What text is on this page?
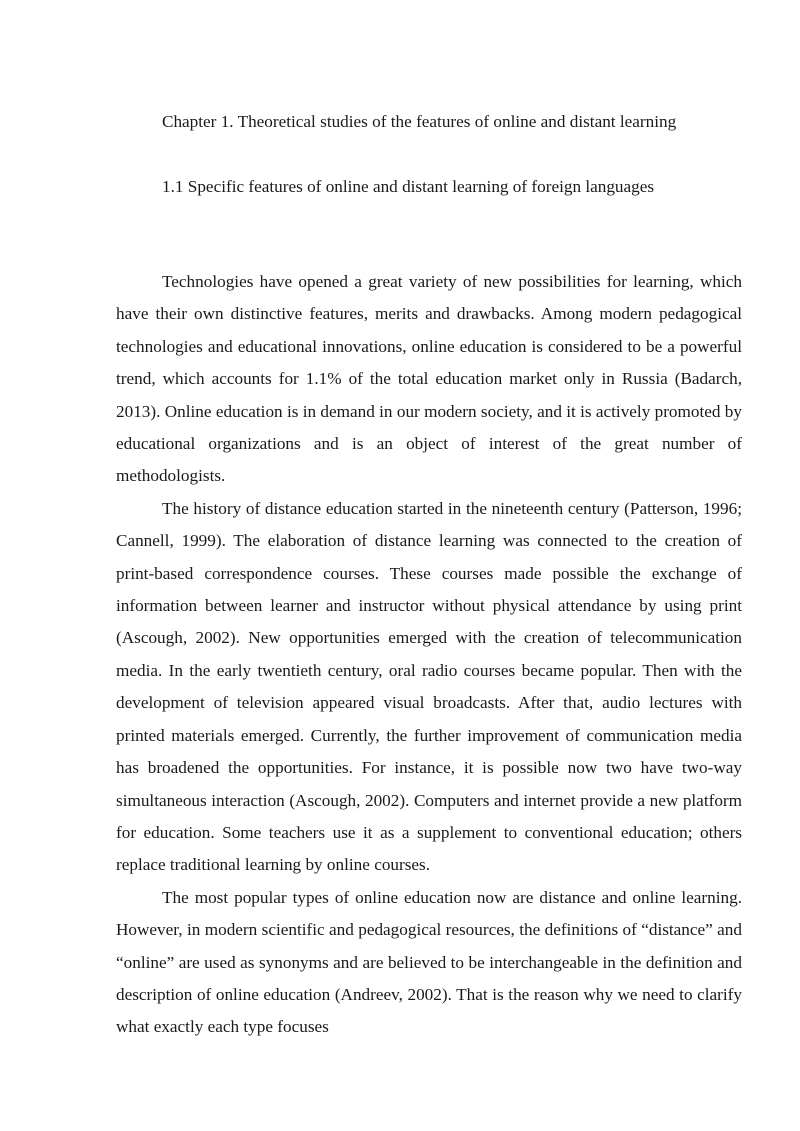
Chapter 1. Theoretical studies of the features of online and distant learning
1.1 Specific features of online and distant learning of foreign languages

Technologies have opened a great variety of new possibilities for learning, which have their own distinctive features, merits and drawbacks. Among modern pedagogical technologies and educational innovations, online education is considered to be a powerful trend, which accounts for 1.1% of the total education market only in Russia (Badarch, 2013). Online education is in demand in our modern society, and it is actively promoted by educational organizations and is an object of interest of the great number of methodologists.

The history of distance education started in the nineteenth century (Patterson, 1996; Cannell, 1999). The elaboration of distance learning was connected to the creation of print-based correspondence courses. These courses made possible the exchange of information between learner and instructor without physical attendance by using print (Ascough, 2002). New opportunities emerged with the creation of telecommunication media. In the early twentieth century, oral radio courses became popular. Then with the development of television appeared visual broadcasts. After that, audio lectures with printed materials emerged. Currently, the further improvement of communication media has broadened the opportunities. For instance, it is possible now two have two-way simultaneous interaction (Ascough, 2002). Computers and internet provide a new platform for education. Some teachers use it as a supplement to conventional education; others replace traditional learning by online courses.

The most popular types of online education now are distance and online learning. However, in modern scientific and pedagogical resources, the definitions of “distance” and “online” are used as synonyms and are believed to be interchangeable in the definition and description of online education (Andreev, 2002). That is the reason why we need to clarify what exactly each type focuses
